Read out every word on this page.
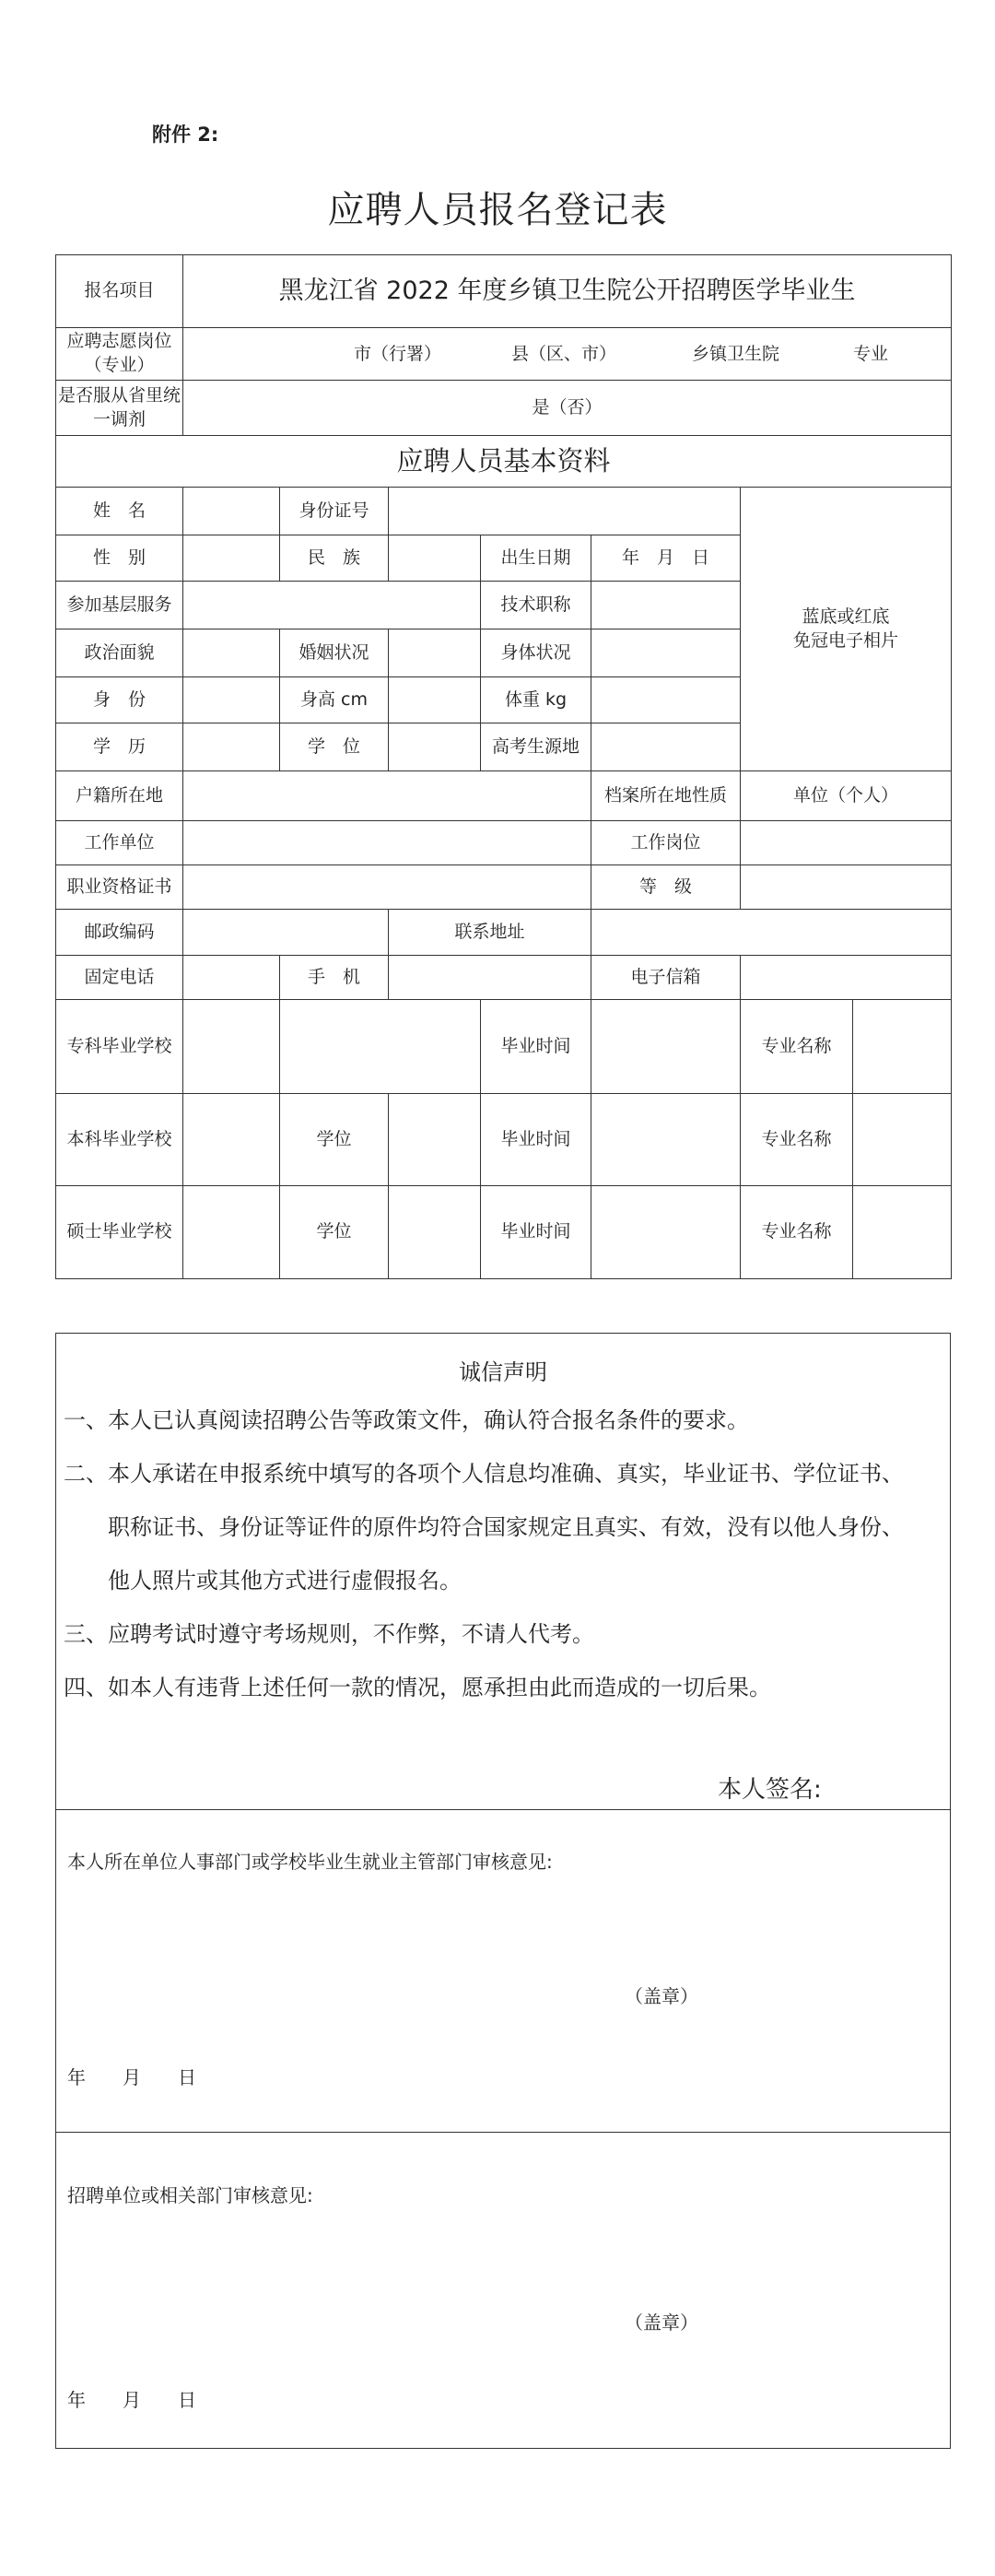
附件 2:
应聘人员报名登记表
报名项目	黑龙江省 2022 年度乡镇卫生院公开招聘医学毕业生						
应聘志愿岗位（专业）	市（行署） 县（区、市） 乡镇卫生院 专业						

是否服从省里统一调剂	是（否）						
应聘人员基本资料							
姓　名		身份证号				蓝底或红底
免冠电子相片	

性　别		民　族		出生日期	年　月　日		
参加基层服务				技术职称			
政治面貌		婚姻状况		身体状况			
身　份		身高 cm		体重 kg			
学　历		学　位		高考生源地			
户籍所在地					档案所在地性质	单位（个人）	
工作单位					工作岗位		
职业资格证书					等　级		
邮政编码			联系地址				
固定电话		手　机			电子信箱		
专科毕业学校				毕业时间		专业名称	
本科毕业学校		学位		毕业时间		专业名称	
硕士毕业学校		学位		毕业时间		专业名称	
诚信声明
一、本人已认真阅读招聘公告等政策文件，确认符合报名条件的要求。
二、本人承诺在申报系统中填写的各项个人信息均准确、真实，毕业证书、学位证书、
职称证书、身份证等证件的原件均符合国家规定且真实、有效，没有以他人身份、
他人照片或其他方式进行虚假报名。
三、应聘考试时遵守考场规则，不作弊，不请人代考。
四、如本人有违背上述任何一款的情况，愿承担由此而造成的一切后果。
本人签名:
本人所在单位人事部门或学校毕业生就业主管部门审核意见:
（盖章）
年　　月　　日
招聘单位或相关部门审核意见:
（盖章）
年　　月　　日
